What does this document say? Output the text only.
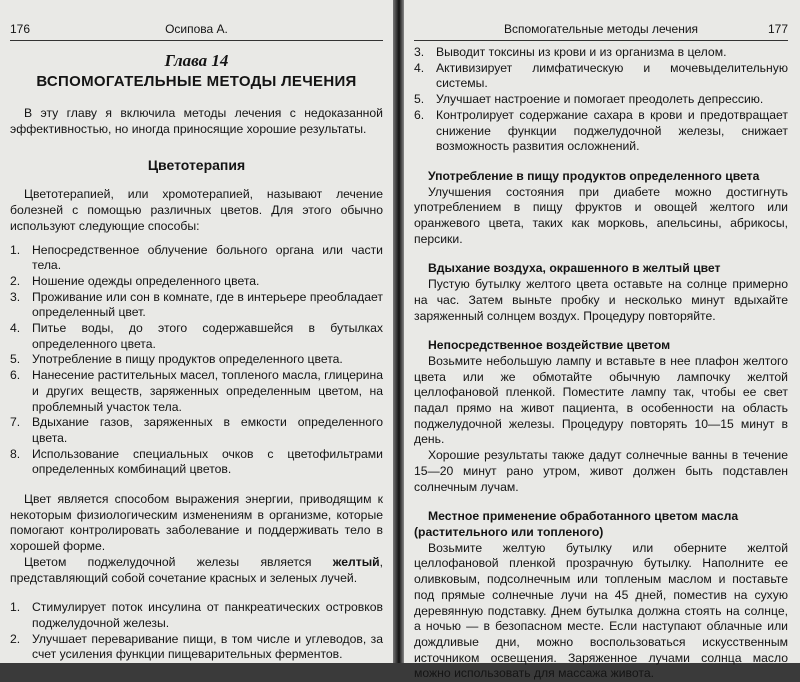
176	Осипова А.
Глава 14
ВСПОМОГАТЕЛЬНЫЕ МЕТОДЫ ЛЕЧЕНИЯ

В эту главу я включила методы лечения с недоказанной эффективностью, но иногда приносящие хорошие результаты.

Цветотерапия

Цветотерапией, или хромотерапией, называют лечение болезней с помощью различных цветов. Для этого обычно используют следующие способы:

1. Непосредственное облучение больного органа или части тела.
2. Ношение одежды определенного цвета.
3. Проживание или сон в комнате, где в интерьере преобладает определенный цвет.
4. Питье воды, до этого содержавшейся в бутылках определенного цвета.
5. Употребление в пищу продуктов определенного цвета.
6. Нанесение растительных масел, топленого масла, глицерина и других веществ, заряженных определенным цветом, на проблемный участок тела.
7. Вдыхание газов, заряженных в емкости определенного цвета.
8. Использование специальных очков с цветофильтрами определенных комбинаций цветов.

Цвет является способом выражения энергии, приводящим к некоторым физиологическим изменениям в организме, которые помогают контролировать заболевание и поддерживать тело в хорошей форме.

Цветом поджелудочной железы является желтый, представляющий собой сочетание красных и зеленых лучей.

1. Стимулирует поток инсулина от панкреатических островков поджелудочной железы.
2. Улучшает переваривание пищи, в том числе и углеводов, за счет усиления функции пищеварительных ферментов.
Вспомогательные методы лечения	177
3. Выводит токсины из крови и из организма в целом.
4. Активизирует лимфатическую и мочевыделительную системы.
5. Улучшает настроение и помогает преодолеть депрессию.
6. Контролирует содержание сахара в крови и предотвращает снижение функции поджелудочной железы, снижает возможность развития осложнений.

Употребление в пищу продуктов определенного цвета

Улучшения состояния при диабете можно достигнуть употреблением в пищу фруктов и овощей желтого или оранжевого цвета, таких как морковь, апельсины, абрикосы, персики.

Вдыхание воздуха, окрашенного в желтый цвет

Пустую бутылку желтого цвета оставьте на солнце примерно на час. Затем выньте пробку и несколько минут вдыхайте заряженный солнцем воздух. Процедуру повторяйте.

Непосредственное воздействие цветом

Возьмите небольшую лампу и вставьте в нее плафон желтого цвета или же обмотайте обычную лампочку желтой целлофановой пленкой. Поместите лампу так, чтобы ее свет падал прямо на живот пациента, в особенности на область поджелудочной железы. Процедуру повторять 10—15 минут в день.

Хорошие результаты также дадут солнечные ванны в течение 15—20 минут рано утром, живот должен быть подставлен солнечным лучам.

Местное применение обработанного цветом масла (растительного или топленого)

Возьмите желтую бутылку или оберните желтой целлофановой пленкой прозрачную бутылку. Наполните ее оливковым, подсолнечным или топленым маслом и поставьте под прямые солнечные лучи на 45 дней, поместив на сухую деревянную подставку. Днем бутылка должна стоять на солнце, а ночью — в безопасном месте. Если наступают облачные или дождливые дни, можно воспользоваться искусственным источником освещения. Заряженное лучами солнца масло можно использовать для массажа живота.
